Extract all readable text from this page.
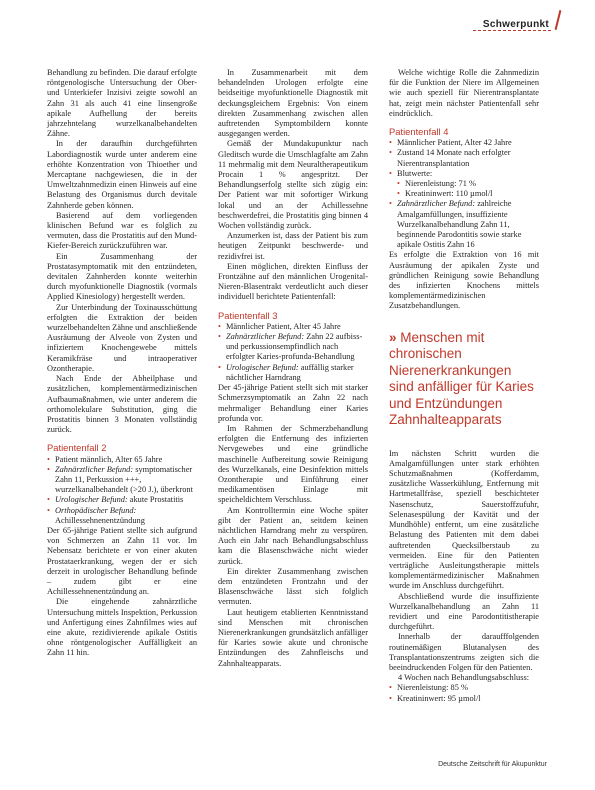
Schwerpunkt

Behandlung zu befinden. Die darauf erfolgte röntgenologische Untersuchung der Ober- und Unterkiefer Inzisivi zeigte sowohl an Zahn 31 als auch 41 eine linsengroße apikale Aufhellung der bereits jahrzehntelang wurzelkanalbehandelten Zähne.

In der daraufhin durchgeführten Labordiagnostik wurde unter anderem eine erhöhte Konzentration von Thioether und Mercaptane nachgewiesen, die in der Umweltzahnmedizin einen Hinweis auf eine Belastung des Organismus durch devitale Zahnherde geben können.

Basierend auf dem vorliegenden klinischen Befund war es folglich zu vermuten, dass die Prostatitis auf den Mund-Kiefer-Bereich zurückzuführen war.

Ein Zusammenhang der Prostatasymptomatik mit den entzündeten, devitalen Zahnherden konnte weiterhin durch myofunktionelle Diagnostik (vormals Applied Kinesiology) hergestellt werden.

Zur Unterbindung der Toxinausschüttung erfolgten die Extraktion der beiden wurzelbehandelten Zähne und anschließende Ausräumung der Alveole von Zysten und infiziertem Knochengewebe mittels Keramikfräse und intraoperativer Ozontherapie.

Nach Ende der Abheilphase und zusätzlichen, komplementärmedizinischen Aufbaumaßnahmen, wie unter anderem die orthomolekulare Substitution, ging die Prostatitis binnen 3 Monaten vollständig zurück.

Patientenfall 2
• Patient männlich, Alter 65 Jahre
• Zahnärztlicher Befund: symptomatischer Zahn 11, Perkussion +++, wurzelkanalbehandelt (>20 J.), überkront
• Urologischer Befund: akute Prostatitis
• Orthopädischer Befund: Achillessehnenentzündung

Der 65-jährige Patient stellte sich aufgrund von Schmerzen an Zahn 11 vor. Im Nebensatz berichtete er von einer akuten Prostataerkrankung, wegen der er sich derzeit in urologischer Behandlung befinde – zudem gibt er eine Achillessehnenentzündung an.

Die eingehende zahnärztliche Untersuchung mittels Inspektion, Perkussion und Anfertigung eines Zahnfilmes wies auf eine akute, rezidivierende apikale Ostitis ohne röntgenologischer Auffälligkeit an Zahn 11 hin.

In Zusammenarbeit mit dem behandelnden Urologen erfolgte eine beidseitige myofunktionelle Diagnostik mit deckungsgleichem Ergebnis: Von einem direkten Zusammenhang zwischen allen auftretenden Symptombildern konnte ausgegangen werden.

Gemäß der Mundakupunktur nach Gleditsch wurde die Umschlagfalte am Zahn 11 mehrmalig mit dem Neuraltherapeutikum Procain 1 % angespritzt. Der Behandlungserfolg stellte sich zügig ein: Der Patient war mit sofortiger Wirkung lokal und an der Achillessehne beschwerdefrei, die Prostatitis ging binnen 4 Wochen vollständig zurück.

Anzumerken ist, dass der Patient bis zum heutigen Zeitpunkt beschwerde- und rezidivfrei ist.

Einen möglichen, direkten Einfluss der Frontzähne auf den männlichen Urogenital-Nieren-Blasentrakt verdeutlicht auch dieser individuell berichtete Patientenfall:

Patientenfall 3
• Männlicher Patient, Alter 45 Jahre
• Zahnärztlicher Befund: Zahn 22 aufbiss- und perkussionsempfindlich nach erfolgter Karies-profunda-Behandlung
• Urologischer Befund: auffällig starker nächtlicher Harndrang

Der 45-jährige Patient stellt sich mit starker Schmerzsymptomatik an Zahn 22 nach mehrmaliger Behandlung einer Karies profunda vor.

Im Rahmen der Schmerzbehandlung erfolgten die Entfernung des infizierten Nervgewebes und eine gründliche maschinelle Aufbereitung sowie Reinigung des Wurzelkanals, eine Desinfektion mittels Ozontherapie und Einführung einer medikamentösen Einlage mit speicheldichtem Verschluss.

Am Kontrolltermin eine Woche später gibt der Patient an, seitdem keinen nächtlichen Harndrang mehr zu verspüren. Auch ein Jahr nach Behandlungsabschluss kam die Blasenschwäche nicht wieder zurück.

Ein direkter Zusammenhang zwischen dem entzündeten Frontzahn und der Blasenschwäche lässt sich folglich vermuten.

Laut heutigem etablierten Kenntnisstand sind Menschen mit chronischen Nierenerkrankungen grundsätzlich anfälliger für Karies sowie akute und chronische Entzündungen des Zahnfleischs und Zahnhalteapparats.

Welche wichtige Rolle die Zahnmedizin für die Funktion der Niere im Allgemeinen wie auch speziell für Nierentransplantate hat, zeigt mein nächster Patientenfall sehr eindrücklich.

Patientenfall 4
• Männlicher Patient, Alter 42 Jahre
• Zustand 14 Monate nach erfolgter Nierentransplantation
• Blutwerte:
• Nierenleistung: 71 %
• Kreatininwert: 110 µmol/l
• Zahnärztlicher Befund: zahlreiche Amalgamfüllungen, insuffiziente Wurzelkanalbehandlung Zahn 11, beginnende Parodontitis sowie starke apikale Ostitis Zahn 16

Es erfolgte die Extraktion von 16 mit Ausräumung der apikalen Zyste und gründlichen Reinigung sowie Behandlung des infizierten Knochens mittels komplementärmedizinischen Zusatzbehandlungen.

» Menschen mit chronischen Nierenerkrankungen sind anfälliger für Karies und Entzündungen Zahnhalteapparats

Im nächsten Schritt wurden die Amalgamfüllungen unter stark erhöhten Schutzmaßnahmen (Kofferdamm, zusätzliche Wasserkühlung, Entfernung mit Hartmetallfräse, speziell beschichteter Nasenschutz, Sauerstoffzufuhr, Selenasespülung der Kavität und der Mundhöhle) entfernt, um eine zusätzliche Belastung des Patienten mit dem dabei auftretenden Quecksilberstaub zu vermeiden. Eine für den Patienten verträgliche Ausleitungstherapie mittels komplementärmedizinischer Maßnahmen wurde im Anschluss durchgeführt.

Abschließend wurde die insuffiziente Wurzelkanalbehandlung an Zahn 11 revidiert und eine Parodontitistherapie durchgeführt.

Innerhalb der daraufffolgenden routinemäßigen Blutanalysen des Transplantationszentrums zeigten sich die beeindruckenden Folgen für den Patienten.

4 Wochen nach Behandlungsabschluss:

• Nierenleistung: 85 %
• Kreatininwert: 95 µmol/l
Deutsche Zeitschrift für Akupunktur
